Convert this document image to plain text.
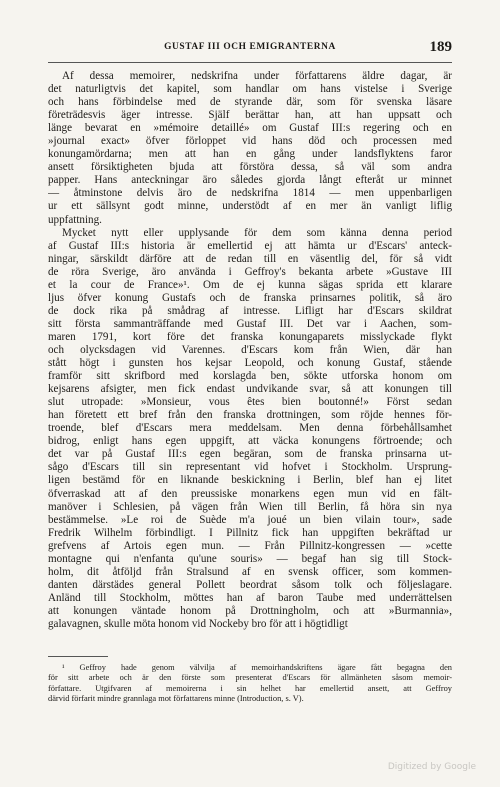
GUSTAF III OCH EMIGRANTERNA	189
Af dessa memoirer, nedskrifna under författarens äldre dagar, är
det naturligtvis det kapitel, som handlar om hans vistelse i Sverige
och hans förbindelse med de styrande där, som för svenska läsare
företrädesvis äger intresse. Själf berättar han, att han uppsatt och
länge bevarat en »mémoire detaillé» om Gustaf III:s regering och en
»journal exact» öfver förloppet vid hans död och processen med
konungamördarna; men att han en gång under landsflyktens faror
ansett försiktigheten bjuda att förstöra dessa, så väl som andra
papper. Hans anteckningar äro således gjorda långt efteråt ur minnet
— åtminstone delvis äro de nedskrifna 1814 — men uppenbarligen
ur ett sällsynt godt minne, understödt af en mer än vanligt liflig
uppfattning.
Mycket nytt eller upplysande för dem som känna denna period
af Gustaf III:s historia är emellertid ej att hämta ur d'Escars' anteck-
ningar, särskildt därföre att de redan till en väsentlig del, för så vidt
de röra Sverige, äro använda i Geffroy's bekanta arbete »Gustave III
et la cour de France»¹. Om de ej kunna sägas sprida ett klarare
ljus öfver konung Gustafs och de franska prinsarnes politik, så äro
de dock rika på smådrag af intresse. Lifligt har d'Escars skildrat
sitt första sammanträffande med Gustaf III. Det var i Aachen, som-
maren 1791, kort före det franska konungaparets misslyckade flykt
och olycksdagen vid Varennes. d'Escars kom från Wien, där han
stått högt i gunsten hos kejsar Leopold, och konung Gustaf, stående
framför sitt skrifbord med korslagda ben, sökte utforska honom om
kejsarens afsigter, men fick endast undvikande svar, så att konungen till
slut utropade: »Monsieur, vous êtes bien boutonné!» Först sedan
han företett ett bref från den franska drottningen, som röjde hennes för-
troende, blef d'Escars mera meddelsam. Men denna förbehållsamhet
bidrog, enligt hans egen uppgift, att väcka konungens förtroende; och
det var på Gustaf III:s egen begäran, som de franska prinsarna ut-
sågo d'Escars till sin representant vid hofvet i Stockholm. Ursprung-
ligen bestämd för en liknande beskickning i Berlin, blef han ej litet
öfverraskad att af den preussiske monarkens egen mun vid en fält-
manöver i Schlesien, på vägen från Wien till Berlin, få höra sin nya
bestämmelse. »Le roi de Suède m'a joué un bien vilain tour», sade
Fredrik Wilhelm förbindligt. I Pillnitz fick han uppgiften bekräftad ur
grefvens af Artois egen mun. — Från Pillnitz-kongressen — »cette
montagne qui n'enfanta qu'une souris» — begaf han sig till Stock-
holm, dit åtföljd från Stralsund af en svensk officer, som kommen-
danten därstädes general Pollett beordrat såsom tolk och följeslagare.
Anländ till Stockholm, möttes han af baron Taube med underrättelsen
att konungen väntade honom på Drottningholm, och att »Burmannia»,
galavagnen, skulle möta honom vid Nockeby bro för att i högtidligt
¹ Geffroy hade genom välvilja af memoirhandskriftens ägare fått begagna den
för sitt arbete och är den förste som presenterat d'Escars för allmänheten såsom memoir-
författare. Utgifvaren af memoirerna i sin helhet har emellertid ansett, att Geffroy
därvid förfarit mindre grannlaga mot författarens minne (Introduction, s. V).
Digitized by Google
